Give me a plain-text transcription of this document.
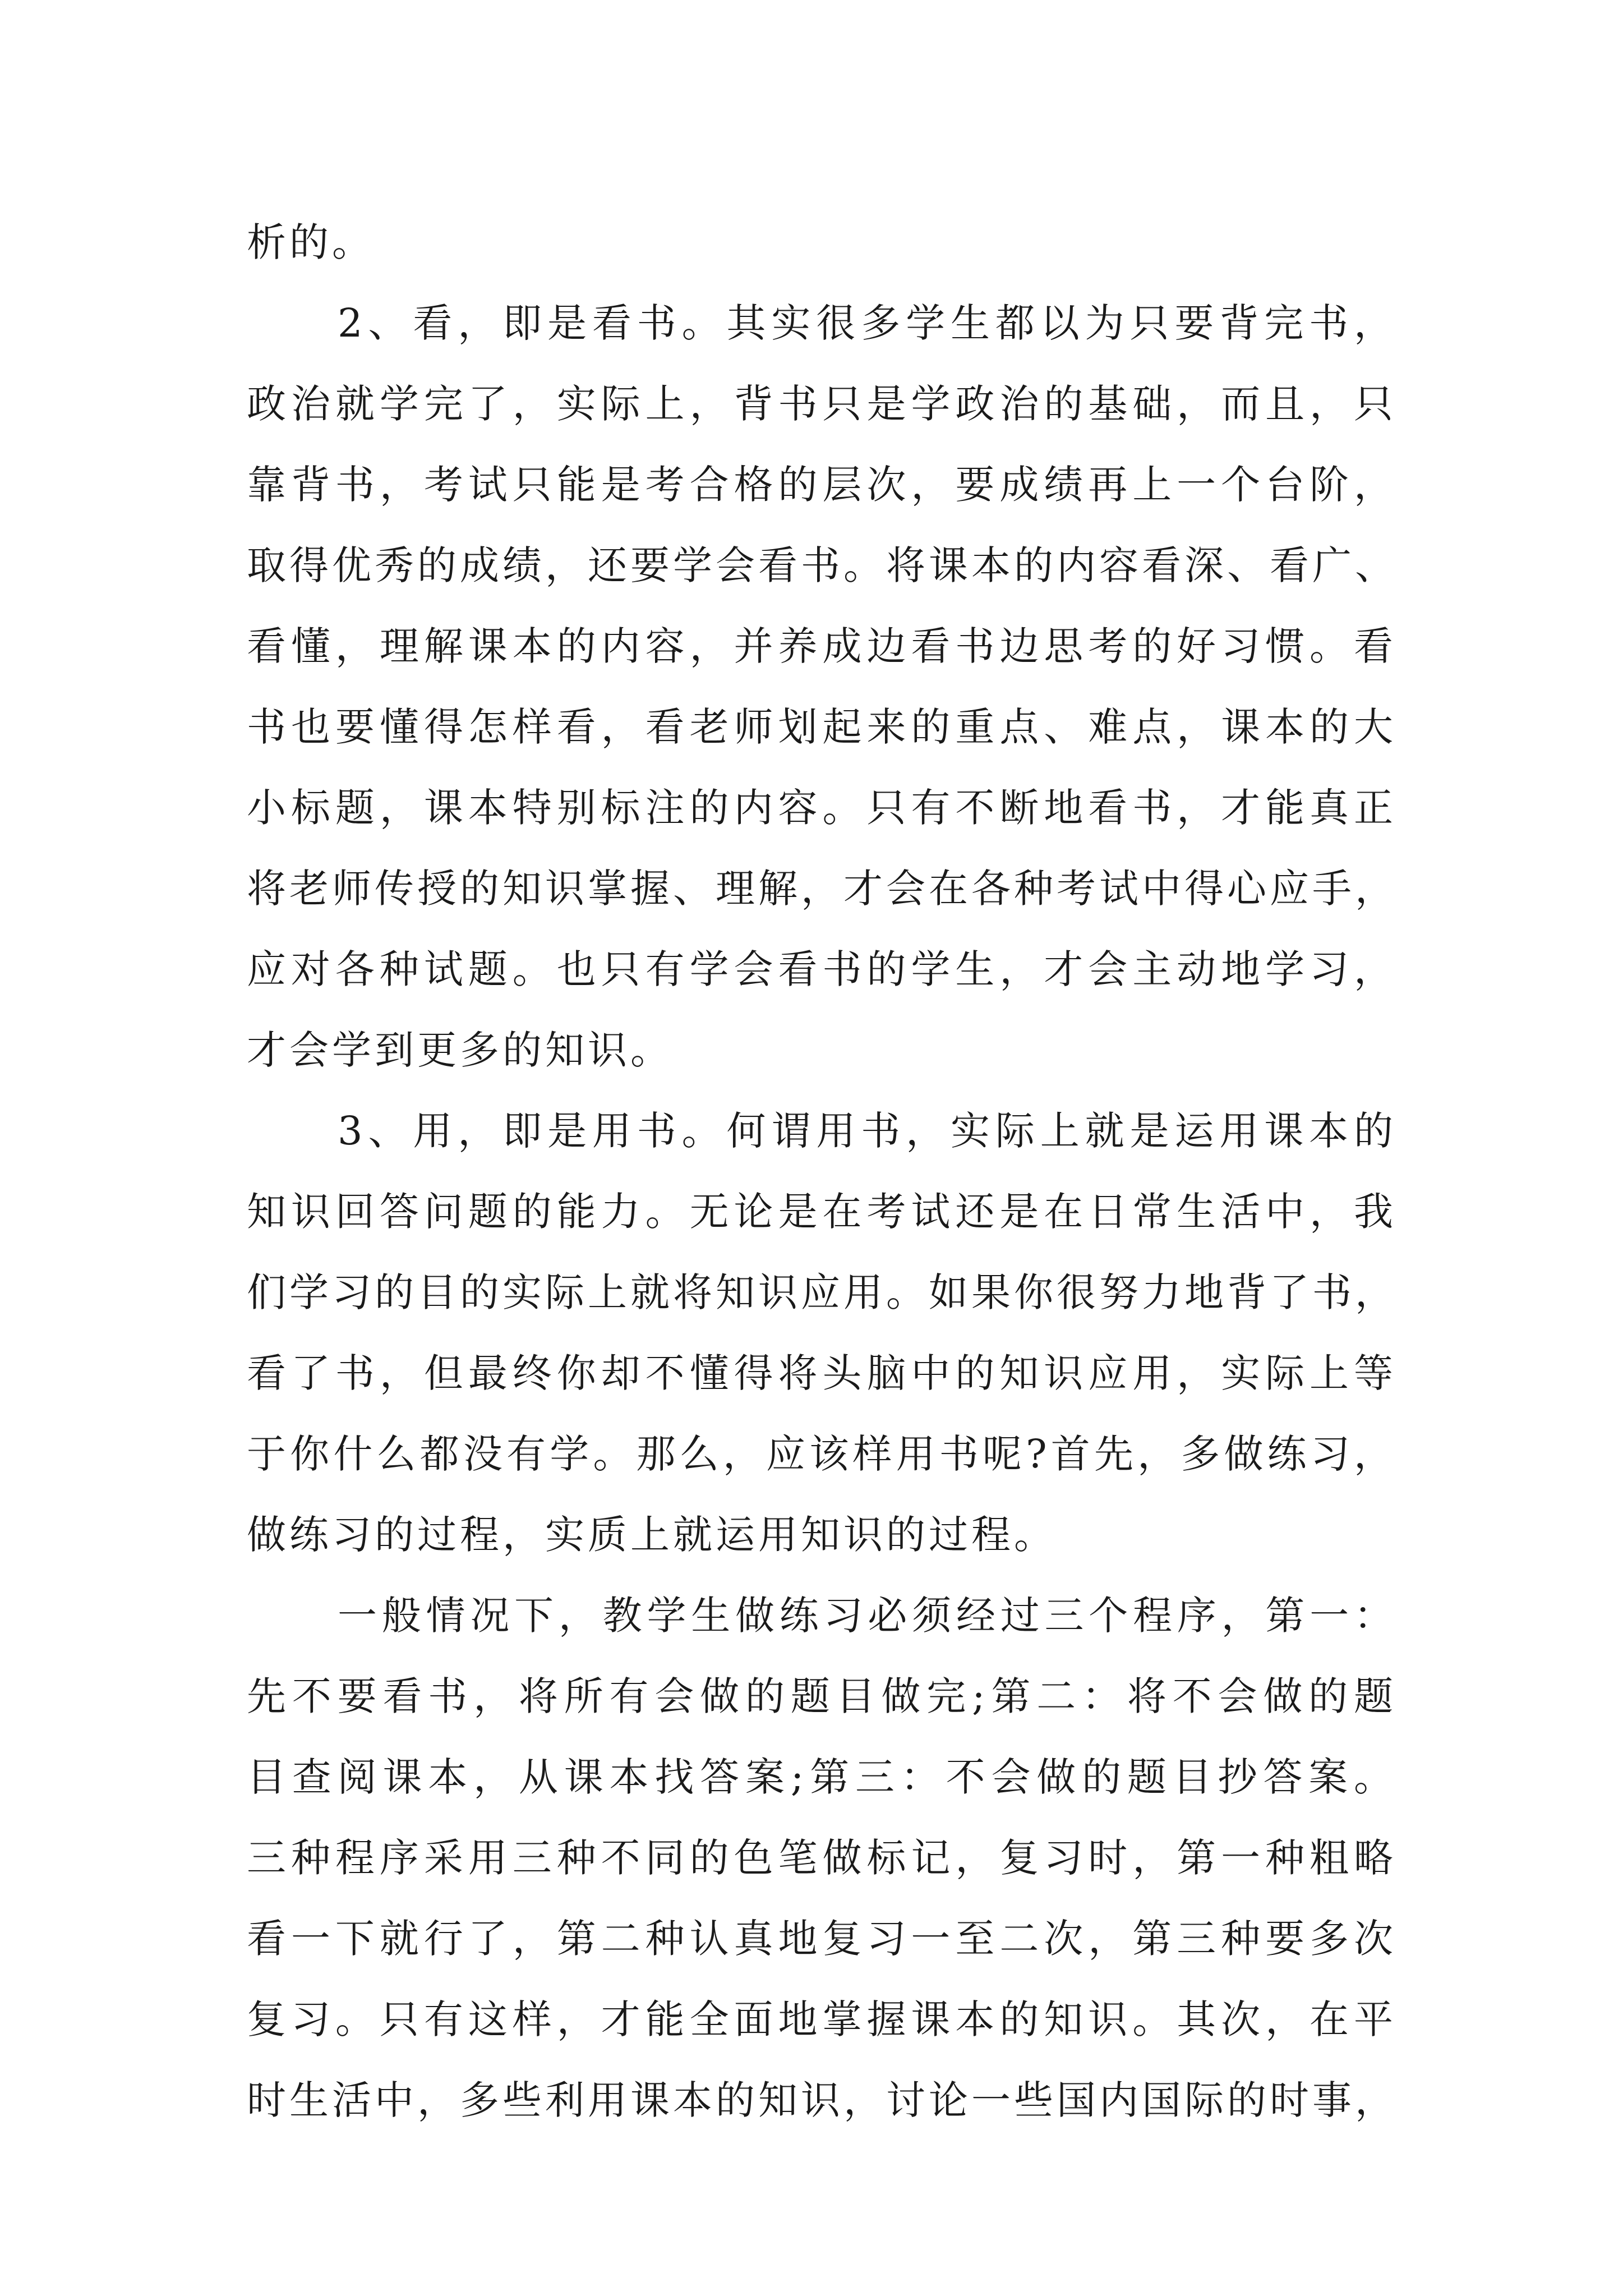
析的。
2、看，即是看书。其实很多学生都以为只要背完书，
政治就学完了，实际上，背书只是学政治的基础，而且，只
靠背书，考试只能是考合格的层次，要成绩再上一个台阶，
取得优秀的成绩，还要学会看书。将课本的内容看深、看广、
看懂，理解课本的内容，并养成边看书边思考的好习惯。看
书也要懂得怎样看，看老师划起来的重点、难点，课本的大
小标题，课本特别标注的内容。只有不断地看书，才能真正
将老师传授的知识掌握、理解，才会在各种考试中得心应手，
应对各种试题。也只有学会看书的学生，才会主动地学习，
才会学到更多的知识。
3、用，即是用书。何谓用书，实际上就是运用课本的
知识回答问题的能力。无论是在考试还是在日常生活中，我
们学习的目的实际上就将知识应用。如果你很努力地背了书，
看了书，但最终你却不懂得将头脑中的知识应用，实际上等
于你什么都没有学。那么，应该样用书呢?首先，多做练习，
做练习的过程，实质上就运用知识的过程。
一般情况下，教学生做练习必须经过三个程序，第一：
先不要看书，将所有会做的题目做完;第二：将不会做的题
目查阅课本，从课本找答案;第三：不会做的题目抄答案。
三种程序采用三种不同的色笔做标记，复习时，第一种粗略
看一下就行了，第二种认真地复习一至二次，第三种要多次
复习。只有这样，才能全面地掌握课本的知识。其次，在平
时生活中，多些利用课本的知识，讨论一些国内国际的时事，
